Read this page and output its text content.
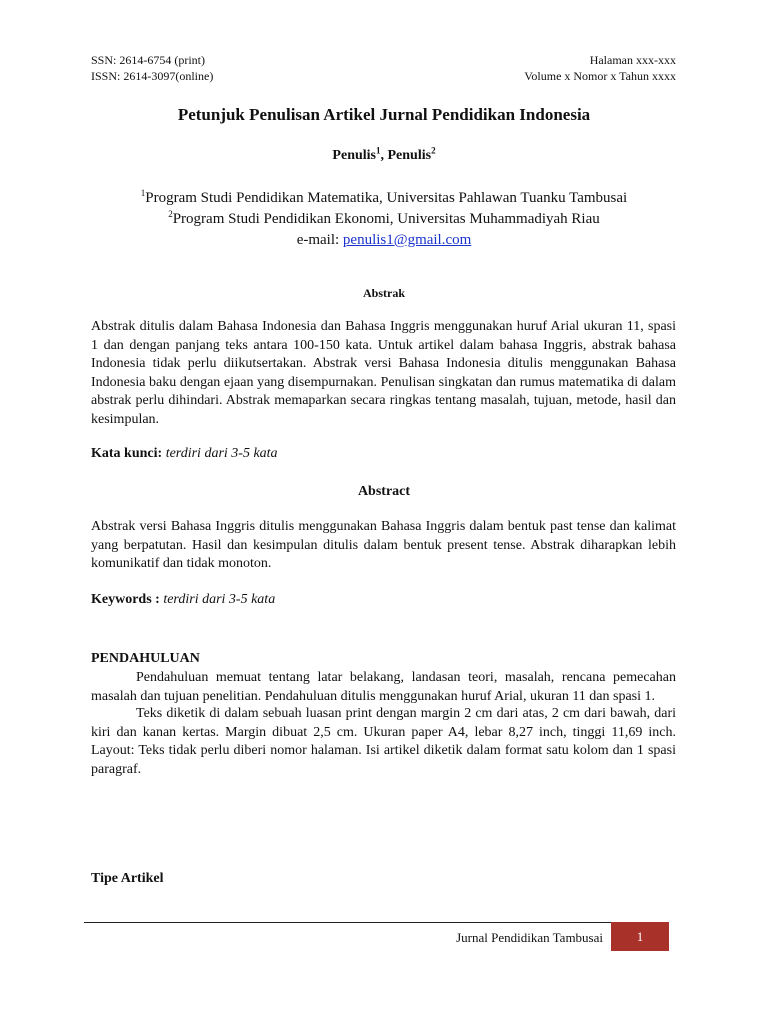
SSN: 2614-6754 (print)
ISSN: 2614-3097(online)
Halaman xxx-xxx
Volume x Nomor x Tahun xxxx
Petunjuk Penulisan Artikel Jurnal Pendidikan Indonesia
Penulis$^1$, Penulis$^2$
$^1$Program Studi Pendidikan Matematika, Universitas Pahlawan Tuanku Tambusai
$^2$Program Studi Pendidikan Ekonomi, Universitas Muhammadiyah Riau
e-mail: penulis1@gmail.com
Abstrak
Abstrak ditulis dalam Bahasa Indonesia dan Bahasa Inggris menggunakan huruf Arial ukuran 11, spasi 1 dan dengan panjang teks antara 100-150 kata. Untuk artikel dalam bahasa Inggris, abstrak bahasa Indonesia tidak perlu diikutsertakan. Abstrak versi Bahasa Indonesia ditulis menggunakan Bahasa Indonesia baku dengan ejaan yang disempurnakan. Penulisan singkatan dan rumus matematika di dalam abstrak perlu dihindari. Abstrak memaparkan secara ringkas tentang masalah, tujuan, metode, hasil dan kesimpulan.
Kata kunci: terdiri dari 3-5 kata
Abstract
Abstrak versi Bahasa Inggris ditulis menggunakan Bahasa Inggris dalam bentuk past tense dan kalimat yang berpatutan. Hasil dan kesimpulan ditulis dalam bentuk present tense. Abstrak diharapkan lebih komunikatif dan tidak monoton.
Keywords : terdiri dari 3-5 kata
PENDAHULUAN
Pendahuluan memuat tentang latar belakang, landasan teori, masalah, rencana pemecahan masalah dan tujuan penelitian. Pendahuluan ditulis menggunakan huruf Arial, ukuran 11 dan spasi 1.
Teks diketik di dalam sebuah luasan print dengan margin 2 cm dari atas, 2 cm dari bawah, dari kiri dan kanan kertas. Margin dibuat 2,5 cm. Ukuran paper A4, lebar 8,27 inch, tinggi 11,69 inch. Layout: Teks tidak perlu diberi nomor halaman. Isi artikel diketik dalam format satu kolom dan 1 spasi paragraf.
Tipe Artikel
Jurnal Pendidikan Tambusai	1
